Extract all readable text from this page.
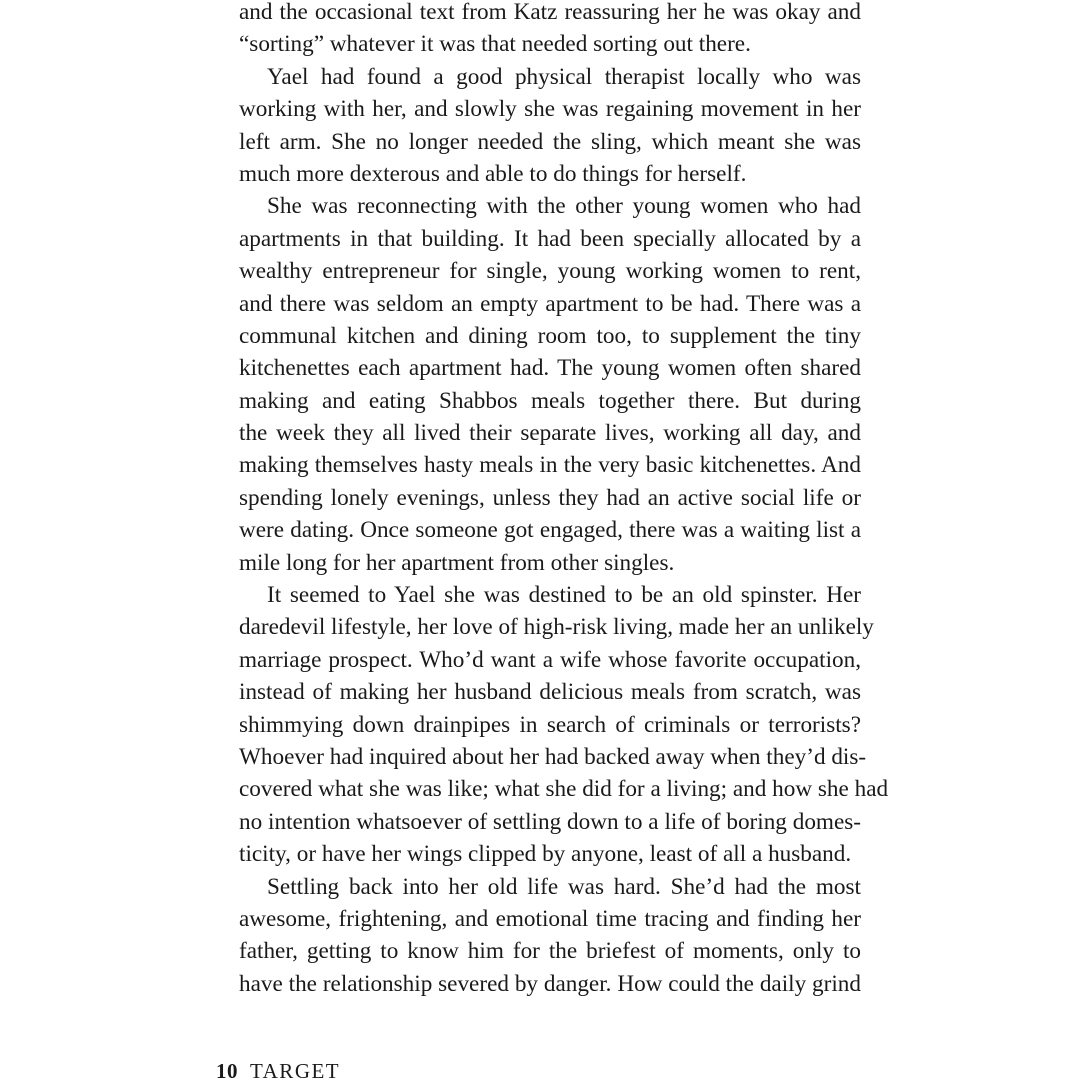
and the occasional text from Katz reassuring her he was okay and
“sorting” whatever it was that needed sorting out there.
Yael had found a good physical therapist locally who was
working with her, and slowly she was regaining movement in her
left arm. She no longer needed the sling, which meant she was
much more dexterous and able to do things for herself.
She was reconnecting with the other young women who had
apartments in that building. It had been specially allocated by a
wealthy entrepreneur for single, young working women to rent,
and there was seldom an empty apartment to be had. There was a
communal kitchen and dining room too, to supplement the tiny
kitchenettes each apartment had. The young women often shared
making and eating Shabbos meals together there. But during
the week they all lived their separate lives, working all day, and
making themselves hasty meals in the very basic kitchenettes. And
spending lonely evenings, unless they had an active social life or
were dating. Once someone got engaged, there was a waiting list a
mile long for her apartment from other singles.
It seemed to Yael she was destined to be an old spinster. Her
daredevil lifestyle, her love of high-risk living, made her an unlikely
marriage prospect. Who’d want a wife whose favorite occupation,
instead of making her husband delicious meals from scratch, was
shimmying down drainpipes in search of criminals or terrorists?
Whoever had inquired about her had backed away when they’d dis-
covered what she was like; what she did for a living; and how she had
no intention whatsoever of settling down to a life of boring domes-
ticity, or have her wings clipped by anyone, least of all a husband.
Settling back into her old life was hard. She’d had the most
awesome, frightening, and emotional time tracing and finding her
father, getting to know him for the briefest of moments, only to
have the relationship severed by danger. How could the daily grind
10 TARGET
